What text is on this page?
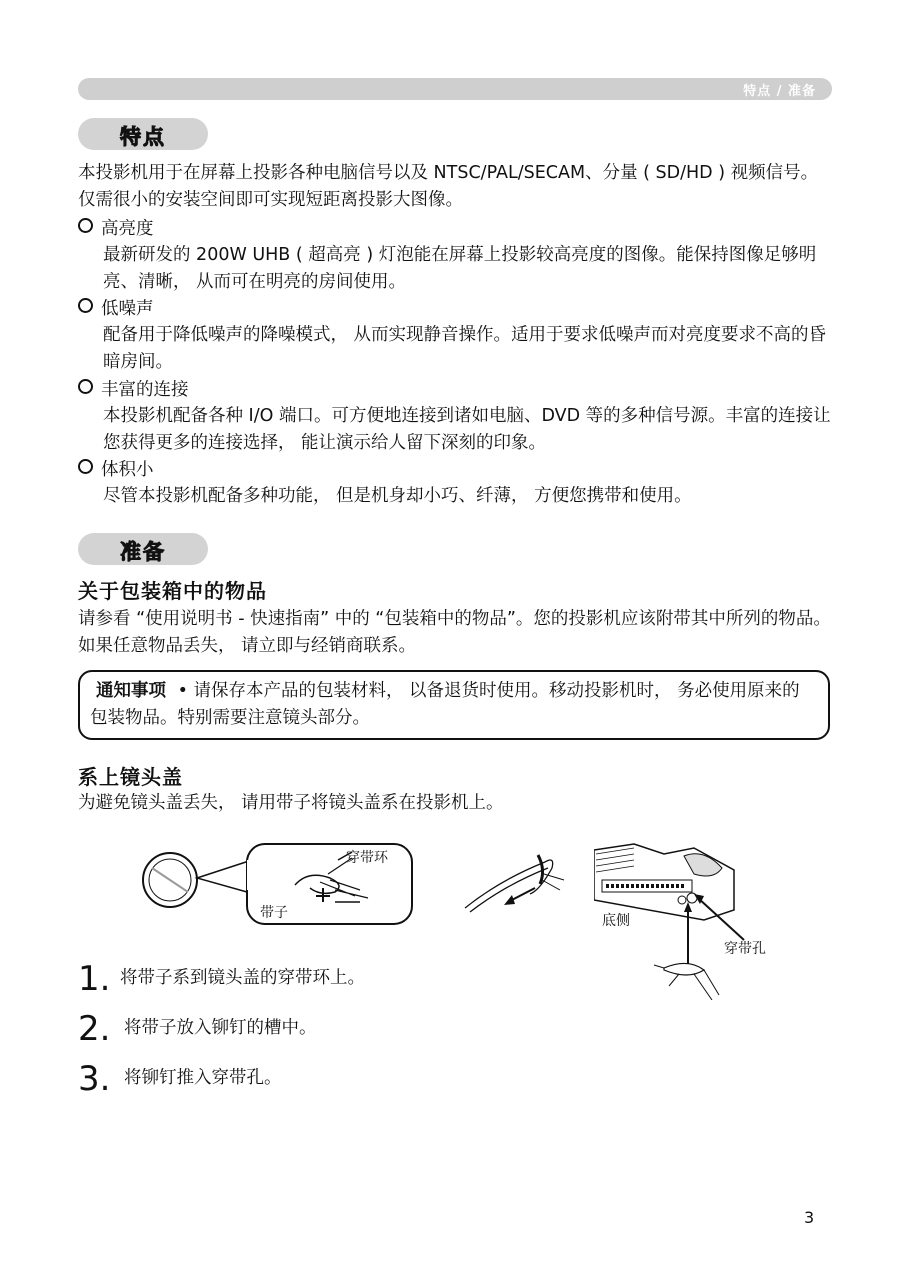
特点 / 准备
特点

本投影机用于在屏幕上投影各种电脑信号以及 NTSC/PAL/SECAM、分量 ( SD/HD ) 视频信号。 仅需很小的安装空间即可实现短距离投影大图像。

高亮度

最新研发的 200W UHB ( 超高亮 ) 灯泡能在屏幕上投影较高亮度的图像。能保持图像足够明亮、清晰， 从而可在明亮的房间使用。

低噪声

配备用于降低噪声的降噪模式， 从而实现静音操作。适用于要求低噪声而对亮度要求不高的昏暗房间。

丰富的连接

本投影机配备各种 I/O 端口。可方便地连接到诸如电脑、DVD 等的多种信号源。丰富的连接让您获得更多的连接选择， 能让演示给人留下深刻的印象。

体积小

尽管本投影机配备多种功能， 但是机身却小巧、纤薄， 方便您携带和使用。

准备
关于包装箱中的物品

请参看 “使用说明书 - 快速指南” 中的 “包装箱中的物品”。您的投影机应该附带其中所列的物品。如果任意物品丢失， 请立即与经销商联系。

通知事项 • 请保存本产品的包装材料， 以备退货时使用。移动投影机时， 务必使用原来的包装物品。特别需要注意镜头部分。

系上镜头盖

为避免镜头盖丢失， 请用带子将镜头盖系在投影机上。

穿带环
带子	底侧
穿带孔
1. 将带子系到镜头盖的穿带环上。
2. 将带子放入铆钉的槽中。
3. 将铆钉推入穿带孔。
3
